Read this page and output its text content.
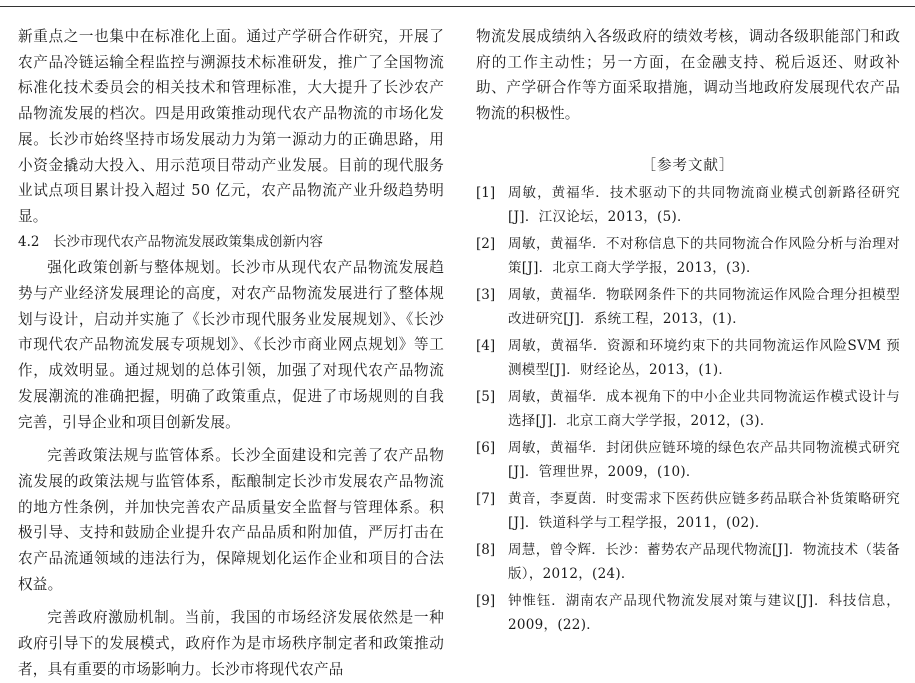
新重点之一也集中在标准化上面。通过产学研合作研究，开展了农产品冷链运输全程监控与溯源技术标准研发，推广了全国物流标准化技术委员会的相关技术和管理标准，大大提升了长沙农产品物流发展的档次。四是用政策推动现代农产品物流的市场化发展。长沙市始终坚持市场发展动力为第一源动力的正确思路，用小资金撬动大投入、用示范项目带动产业发展。目前的现代服务业试点项目累计投入超过 50 亿元，农产品物流产业升级趋势明显。

4.2　长沙市现代农产品物流发展政策集成创新内容

强化政策创新与整体规划。长沙市从现代农产品物流发展趋势与产业经济发展理论的高度，对农产品物流发展进行了整体规划与设计，启动并实施了《长沙市现代服务业发展规划》、《长沙市现代农产品物流发展专项规划》、《长沙市商业网点规划》等工作，成效明显。通过规划的总体引领，加强了对现代农产品物流发展潮流的准确把握，明确了政策重点，促进了市场规则的自我完善，引导企业和项目创新发展。

完善政策法规与监管体系。长沙全面建设和完善了农产品物流发展的政策法规与监管体系，酝酿制定长沙市发展农产品物流的地方性条例，并加快完善农产品质量安全监督与管理体系。积极引导、支持和鼓励企业提升农产品品质和附加值，严厉打击在农产品流通领域的违法行为，保障规划化运作企业和项目的合法权益。

完善政府激励机制。当前，我国的市场经济发展依然是一种政府引导下的发展模式，政府作为是市场秩序制定者和政策推动者，具有重要的市场影响力。长沙市将现代农产品

物流发展成绩纳入各级政府的绩效考核，调动各级职能部门和政府的工作主动性；另一方面，在金融支持、税后返还、财政补助、产学研合作等方面采取措施，调动当地政府发展现代农产品物流的积极性。

［参考文献］
[1] 周敏，黄福华．技术驱动下的共同物流商业模式创新路径研究[J]．江汉论坛，2013，(5)．
[2] 周敏，黄福华．不对称信息下的共同物流合作风险分析与治理对策[J]．北京工商大学学报，2013，(3)．
[3] 周敏，黄福华．物联网条件下的共同物流运作风险合理分担模型改进研究[J]．系统工程，2013，(1)．
[4] 周敏，黄福华．资源和环境约束下的共同物流运作风险SVM 预测模型[J]．财经论丛，2013，(1)．
[5] 周敏，黄福华．成本视角下的中小企业共同物流运作模式设计与选择[J]．北京工商大学学报，2012，(3)．
[6] 周敏，黄福华．封闭供应链环境的绿色农产品共同物流模式研究[J]．管理世界，2009，(10)．
[7] 黄音，李夏茵．时变需求下医药供应链多药品联合补货策略研究[J]．铁道科学与工程学报，2011，(02)．
[8] 周慧，曾令辉．长沙：蓄势农产品现代物流[J]．物流技术（装备版），2012，(24)．
[9] 钟惟钰．湖南农产品现代物流发展对策与建议[J]．科技信息，2009，(22)．
